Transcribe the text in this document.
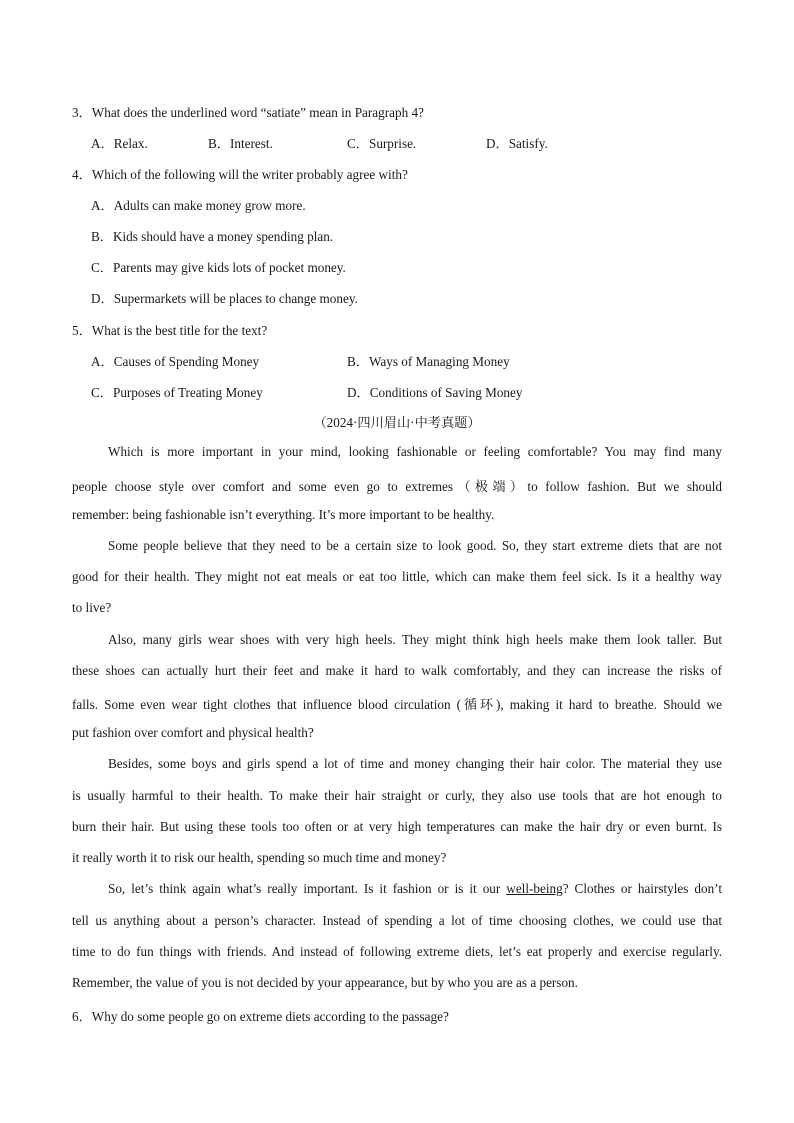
3．What does the underlined word “satiate” mean in Paragraph 4?
A．Relax.	B．Interest.	C．Surprise.	D．Satisfy.
4．Which of the following will the writer probably agree with?
A．Adults can make money grow more.
B．Kids should have a money spending plan.
C．Parents may give kids lots of pocket money.
D．Supermarkets will be places to change money.
5．What is the best title for the text?
A．Causes of Spending Money	B．Ways of Managing Money
C．Purposes of Treating Money	D．Conditions of Saving Money
（2024·四川眉山·中考真题）
Which is more important in your mind, looking fashionable or feeling comfortable? You may find many
people choose style over comfort and some even go to extremes（极端）to follow fashion. But we should
remember: being fashionable isn’t everything. It’s more important to be healthy.
Some people believe that they need to be a certain size to look good. So, they start extreme diets that are not
good for their health. They might not eat meals or eat too little, which can make them feel sick. Is it a healthy way
to live?
Also, many girls wear shoes with very high heels. They might think high heels make them look taller. But
these shoes can actually hurt their feet and make it hard to walk comfortably, and they can increase the risks of
falls. Some even wear tight clothes that influence blood circulation (循环), making it hard to breathe. Should we
put fashion over comfort and physical health?
Besides, some boys and girls spend a lot of time and money changing their hair color. The material they use
is usually harmful to their health. To make their hair straight or curly, they also use tools that are hot enough to
burn their hair. But using these tools too often or at very high temperatures can make the hair dry or even burnt. Is
it really worth it to risk our health, spending so much time and money?
So, let’s think again what’s really important. Is it fashion or is it our well-being? Clothes or hairstyles don’t
tell us anything about a person’s character. Instead of spending a lot of time choosing clothes, we could use that
time to do fun things with friends. And instead of following extreme diets, let’s eat properly and exercise regularly.
Remember, the value of you is not decided by your appearance, but by who you are as a person.
6．Why do some people go on extreme diets according to the passage?
